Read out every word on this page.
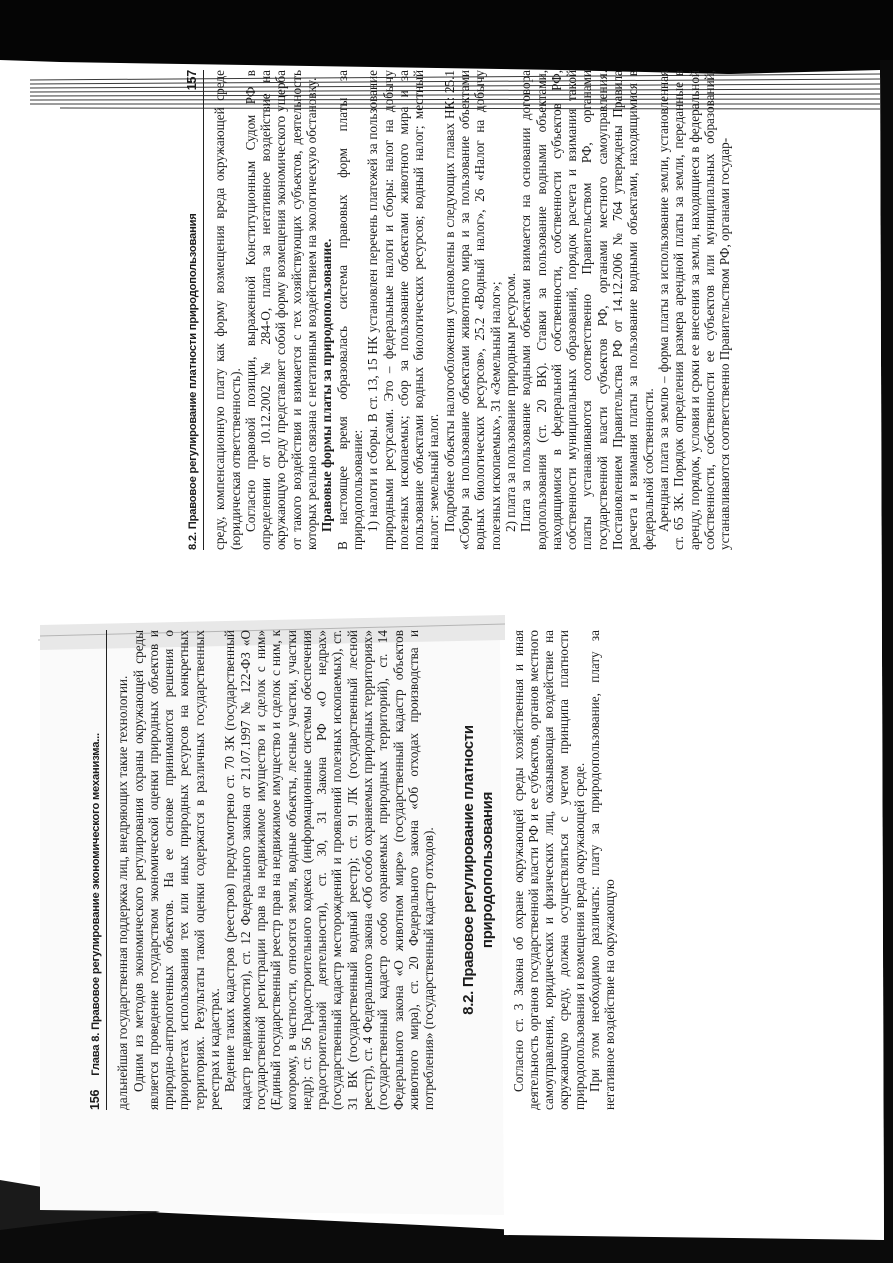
156
Глава 8. Правовое регулирование экономического механизма... дальнейшая государственная поддержка лиц, внедряющих такие технологии. Одним из методов экономического регулирования охраны окружающей среды является проведение государством экономической оценки природных объектов и природно-антропогенных объектов. На ее основе принимаются решения о приоритетах использования тех или иных природных ресурсов на конкретных территориях. Результаты такой оценки содержатся в различных государственных реестрах и кадастрах. Ведение таких кадастров (реестров) предусмотрено ст. 70 ЗК (государственный кадастр недвижимости), ст. 12 Федерального закона от 21.07.1997 № 122-ФЗ «О государственной регистрации прав на недвижимое имущество и сделок с ним» (Единый государственный реестр прав на недвижимое имущество и сделок с ним, к которому, в частности, относятся земля, водные объекты, лесные участки, участки недр); ст. 56 Градостроительного кодекса (информационные системы обеспечения градостроительной деятельности), ст. 30, 31 Закона РФ «О недрах» (государственный кадастр месторождений и проявлений полезных ископаемых), ст. 31 ВК (государственный водный реестр); ст. 91 ЛК (государственный лесной реестр), ст. 4 Федерального закона «Об особо охраняемых природных территориях» (государственный кадастр особо охраняемых природных территорий), ст. 14 Федерального закона «О животном мире» (государственный кадастр объектов животного мира), ст. 20 Федерального закона «Об отходах производства и потребления» (государственный кадастр отходов). 8.2. Правовое регулирование платности природопользования Согласно ст. 3 Закона об охране окружающей среды хозяйственная и иная деятельность органов государственной власти РФ и ее субъектов, органов местного самоуправления, юридических и физических лиц, оказывающая воздействие на окружающую среду, должна осуществляться с учетом принципа платности природопользования и возмещения вреда окружающей среде. При этом необходимо различать: плату за природопользование, плату за негативное воздействие на окружающую

8.2. Правовое регулирование платности природопользования
157 среду, компенсационную плату как форму возмещения вреда окружающей среде (юридическая ответственность). Согласно правовой позиции, выраженной Конституционным Судом РФ в определении от 10.12.2002 № 284-О, плата за негативное воздействие на окружающую среду представляет собой форму возмещения экономического ущерба от такого воздействия и взимается с тех хозяйствующих субъектов, деятельность которых реально связана с негативным воздействием на экологическую обстановку. Правовые формы платы за природопользование. В настоящее время образовалась система правовых форм платы за природопользование: 1) налоги и сборы. В ст. 13, 15 НК установлен перечень платежей за пользование природными ресурсами. Это – федеральные налоги и сборы: налог на добычу полезных ископаемых; сбор за пользование объектами животного мира и за пользование объектами водных биологических ресурсов; водный налог; местный налог: земельный налог. Подробнее объекты налогообложения установлены в следующих главах НК: 25.1 «Сборы за пользование объектами животного мира и за пользование объектами водных биологических ресурсов», 25.2 «Водный налог», 26 «Налог на добычу полезных ископаемых», 31 «Земельный налог»; 2) плата за пользование природным ресурсом. Плата за пользование водными объектами взимается на основании договора водопользования (ст. 20 ВК). Ставки за пользование водными объектами, находящимися в федеральной собственности, собственности субъектов РФ, собственности муниципальных образований, порядок расчета и взимания такой платы устанавливаются соответственно Правительством РФ, органами государственной власти субъектов РФ, органами местного самоуправления. Постановлением Правительства РФ от 14.12.2006 № 764 утверждены Правила расчета и взимания платы за пользование водными объектами, находящимися в федеральной собственности. Арендная плата за землю – форма платы за использование земли, установленная ст. 65 ЗК. Порядок определения размера арендной платы за земли, переданные в аренду, порядок, условия и сроки ее внесения за земли, находящиеся в федеральной собственности, собственности ее субъектов или муниципальных образований, устанавливаются соответственно Правительством РФ, органами государ-
